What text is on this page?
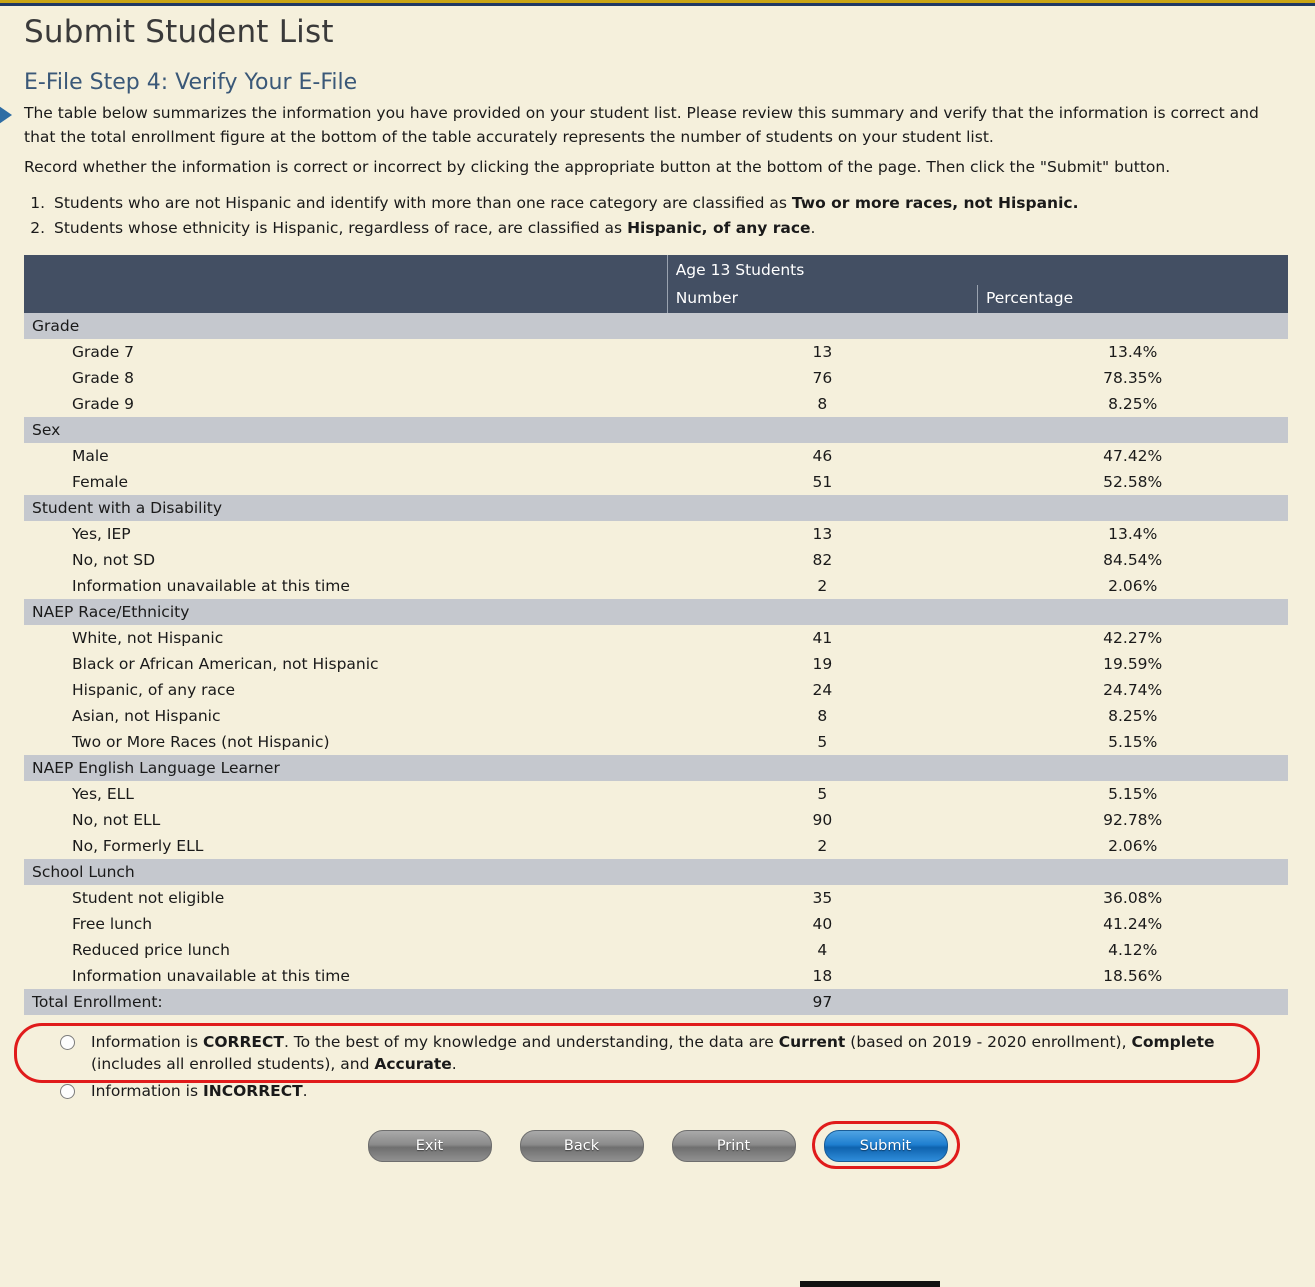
Submit Student List
E-File Step 4: Verify Your E-File

The table below summarizes the information you have provided on your student list. Please review this summary and verify that the information is correct and that the total enrollment figure at the bottom of the table accurately represents the number of students on your student list.

Record whether the information is correct or incorrect by clicking the appropriate button at the bottom of the page. Then click the "Submit" button.

1. Students who are not Hispanic and identify with more than one race category are classified as Two or more races, not Hispanic.
2. Students whose ethnicity is Hispanic, regardless of race, are classified as Hispanic, of any race.
	Age 13 Students	
	Number	Percentage
Grade		
Grade 7	13	13.4%
Grade 8	76	78.35%
Grade 9	8	8.25%
Sex		
Male	46	47.42%
Female	51	52.58%
Student with a Disability		
Yes, IEP	13	13.4%
No, not SD	82	84.54%
Information unavailable at this time	2	2.06%
NAEP Race/Ethnicity		
White, not Hispanic	41	42.27%
Black or African American, not Hispanic	19	19.59%
Hispanic, of any race	24	24.74%
Asian, not Hispanic	8	8.25%
Two or More Races (not Hispanic)	5	5.15%
NAEP English Language Learner		
Yes, ELL	5	5.15%
No, not ELL	90	92.78%
No, Formerly ELL	2	2.06%
School Lunch		
Student not eligible	35	36.08%
Free lunch	40	41.24%
Reduced price lunch	4	4.12%
Information unavailable at this time	18	18.56%
Total Enrollment:	97	
Information is CORRECT. To the best of my knowledge and understanding, the data are Current (based on 2019 - 2020 enrollment), Complete (includes all enrolled students), and Accurate.
Information is INCORRECT.
Exit	Back	Print	Submit
